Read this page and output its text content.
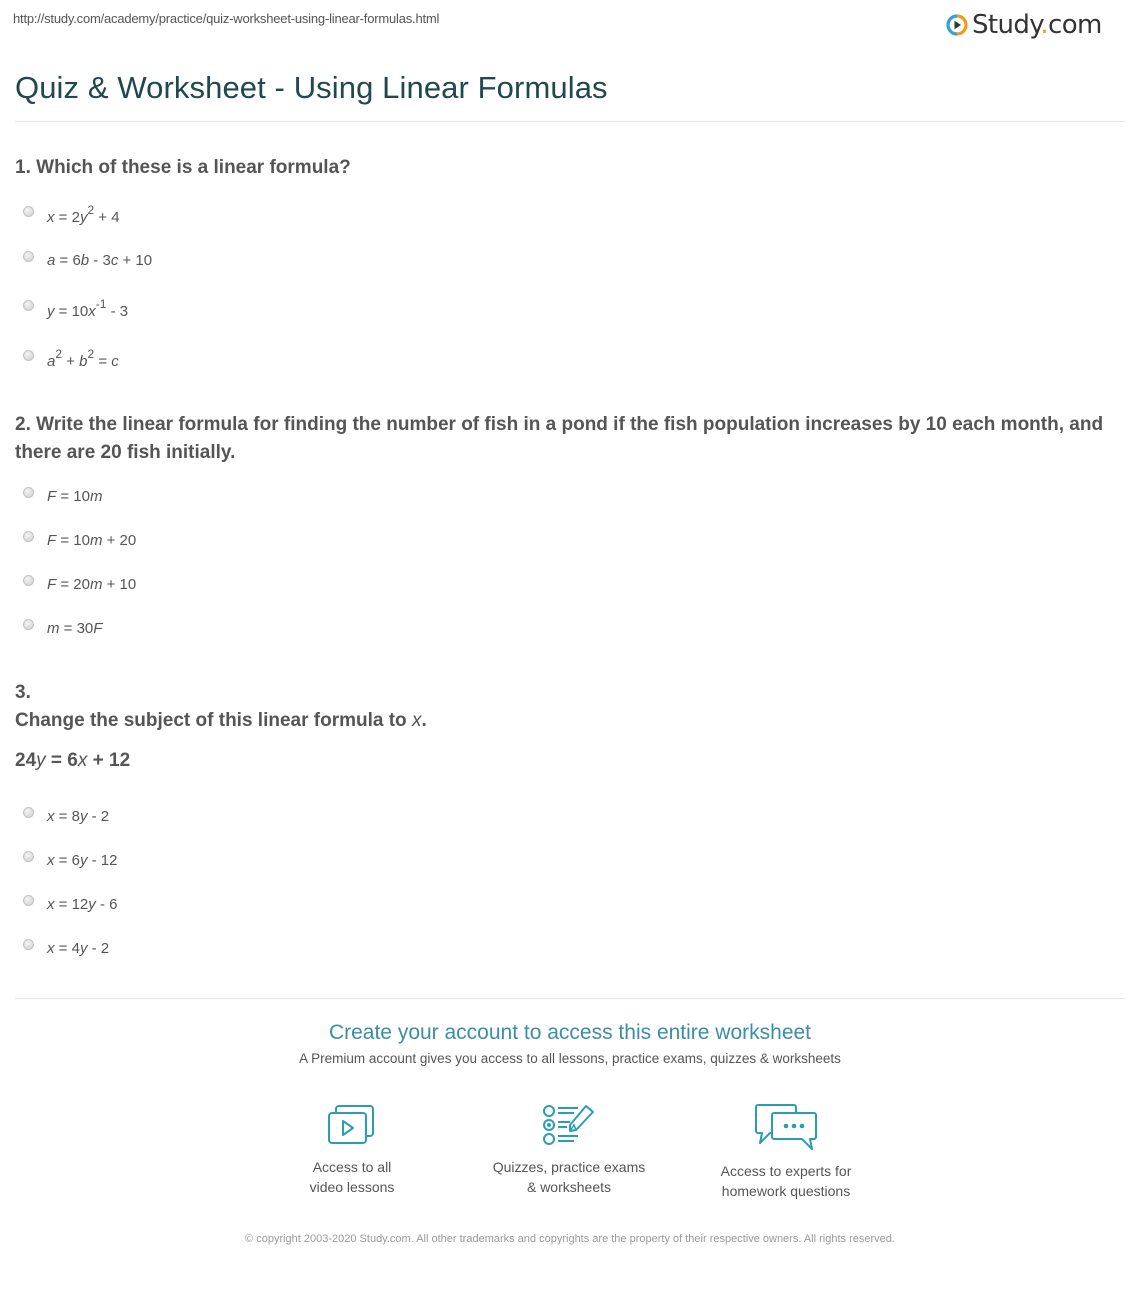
http://study.com/academy/practice/quiz-worksheet-using-linear-formulas.html	Study.com
Quiz & Worksheet - Using Linear Formulas
1. Which of these is a linear formula?
$x = 2y^2 + 4$
a = 6b - 3c + 10
$y = 10x^{-1} - 3$
$a^2 + b^2 = c$
2. Write the linear formula for finding the number of fish in a pond if the fish population increases by 10 each month, and there are 20 fish initially.
F = 10m
F = 10m + 20
F = 20m + 10
m = 30F
3.
Change the subject of this linear formula to x.
24y = 6x + 12
x = 8y - 2
x = 6y - 12
x = 12y - 6
x = 4y - 2
Create your account to access this entire worksheet
A Premium account gives you access to all lessons, practice exams, quizzes & worksheets
Access to all
video lessons
Quizzes, practice exams
& worksheets
Access to experts for
homework questions
© copyright 2003-2020 Study.com. All other trademarks and copyrights are the property of their respective owners. All rights reserved.
